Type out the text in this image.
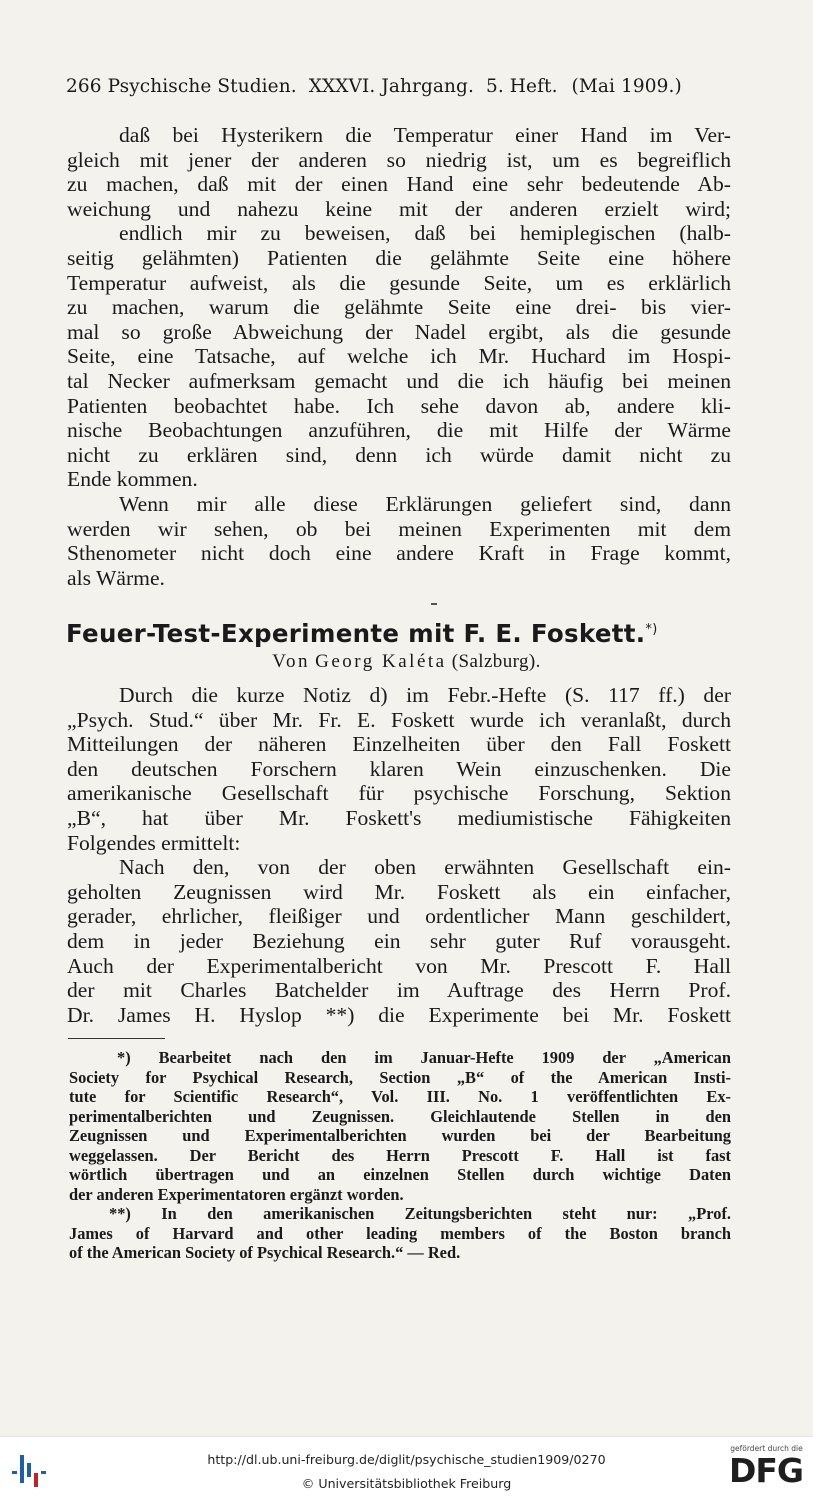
266 Psychische Studien. XXXVI. Jahrgang. 5. Heft. (Mai 1909.)
daß bei Hysterikern die Temperatur einer Hand im Ver-
gleich mit jener der anderen so niedrig ist, um es begreiflich
zu machen, daß mit der einen Hand eine sehr bedeutende Ab-
weichung und nahezu keine mit der anderen erzielt wird;
endlich mir zu beweisen, daß bei hemiplegischen (halb-
seitig gelähmten) Patienten die gelähmte Seite eine höhere
Temperatur aufweist, als die gesunde Seite, um es erklärlich
zu machen, warum die gelähmte Seite eine drei- bis vier-
mal so große Abweichung der Nadel ergibt, als die gesunde
Seite, eine Tatsache, auf welche ich Mr. Huchard im Hospi-
tal Necker aufmerksam gemacht und die ich häufig bei meinen
Patienten beobachtet habe. Ich sehe davon ab, andere kli-
nische Beobachtungen anzuführen, die mit Hilfe der Wärme
nicht zu erklären sind, denn ich würde damit nicht zu
Ende kommen.
Wenn mir alle diese Erklärungen geliefert sind, dann
werden wir sehen, ob bei meinen Experimenten mit dem
Sthenometer nicht doch eine andere Kraft in Frage kommt,
als Wärme.
Feuer-Test-Experimente mit F. E. Foskett.*)
Von Georg Kaléta (Salzburg).
Durch die kurze Notiz d) im Febr.-Hefte (S. 117 ff.) der
„Psych. Stud.“ über Mr. Fr. E. Foskett wurde ich veranlaßt, durch
Mitteilungen der näheren Einzelheiten über den Fall Foskett
den deutschen Forschern klaren Wein einzuschenken. Die
amerikanische Gesellschaft für psychische Forschung, Sektion
„B“, hat über Mr. Foskett's mediumistische Fähigkeiten
Folgendes ermittelt:
Nach den, von der oben erwähnten Gesellschaft ein-
geholten Zeugnissen wird Mr. Foskett als ein einfacher,
gerader, ehrlicher, fleißiger und ordentlicher Mann geschildert,
dem in jeder Beziehung ein sehr guter Ruf vorausgeht.
Auch der Experimentalbericht von Mr. Prescott F. Hall
der mit Charles Batchelder im Auftrage des Herrn Prof.
Dr. James H. Hyslop **) die Experimente bei Mr. Foskett
*) Bearbeitet nach den im Januar-Hefte 1909 der „American
Society for Psychical Research, Section „B“ of the American Insti-
tute for Scientific Research“, Vol. III. No. 1 veröffentlichten Ex-
perimentalberichten und Zeugnissen. Gleichlautende Stellen in den
Zeugnissen und Experimentalberichten wurden bei der Bearbeitung
weggelassen. Der Bericht des Herrn Prescott F. Hall ist fast
wörtlich übertragen und an einzelnen Stellen durch wichtige Daten
der anderen Experimentatoren ergänzt worden.
**) In den amerikanischen Zeitungsberichten steht nur: „Prof.
James of Harvard and other leading members of the Boston branch
of the American Society of Psychical Research.“ — Red.
http://dl.ub.uni-freiburg.de/diglit/psychische_studien1909/0270
© Universitätsbibliothek Freiburg
gefördert durch die
DFG
